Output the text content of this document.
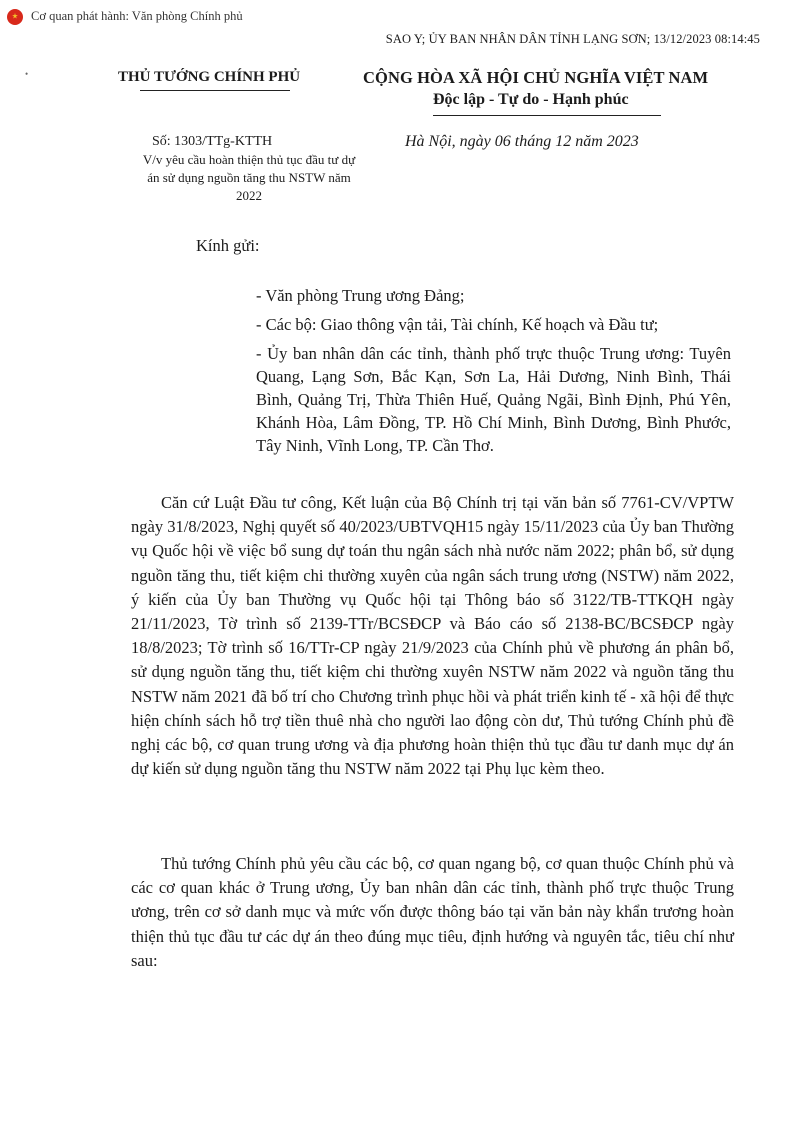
Cơ quan phát hành: Văn phòng Chính phủ
SAO Y; ỦY BAN NHÂN DÂN TỈNH LẠNG SƠN; 13/12/2023 08:14:45
•	THỦ TƯỚNG CHÍNH PHỦ	CỘNG HÒA XÃ HỘI CHỦ NGHĨA VIỆT NAM
Độc lập - Tự do - Hạnh phúc
Số: 1303/TTg-KTTH
V/v yêu cầu hoàn thiện thủ tục đầu tư dự án sử dụng nguồn tăng thu NSTW năm 2022
Hà Nội, ngày 06 tháng 12 năm 2023
Kính gửi:

- Văn phòng Trung ương Đảng;

- Các bộ: Giao thông vận tải, Tài chính, Kế hoạch và Đầu tư;

- Ủy ban nhân dân các tỉnh, thành phố trực thuộc Trung ương: Tuyên Quang, Lạng Sơn, Bắc Kạn, Sơn La, Hải Dương, Ninh Bình, Thái Bình, Quảng Trị, Thừa Thiên Huế, Quảng Ngãi, Bình Định, Phú Yên, Khánh Hòa, Lâm Đồng, TP. Hồ Chí Minh, Bình Dương, Bình Phước, Tây Ninh, Vĩnh Long, TP. Cần Thơ.

Căn cứ Luật Đầu tư công, Kết luận của Bộ Chính trị tại văn bản số 7761-CV/VPTW ngày 31/8/2023, Nghị quyết số 40/2023/UBTVQH15 ngày 15/11/2023 của Ủy ban Thường vụ Quốc hội về việc bổ sung dự toán thu ngân sách nhà nước năm 2022; phân bổ, sử dụng nguồn tăng thu, tiết kiệm chi thường xuyên của ngân sách trung ương (NSTW) năm 2022, ý kiến của Ủy ban Thường vụ Quốc hội tại Thông báo số 3122/TB-TTKQH ngày 21/11/2023, Tờ trình số 2139-TTr/BCSĐCP và Báo cáo số 2138-BC/BCSĐCP ngày 18/8/2023; Tờ trình số 16/TTr-CP ngày 21/9/2023 của Chính phủ về phương án phân bổ, sử dụng nguồn tăng thu, tiết kiệm chi thường xuyên NSTW năm 2022 và nguồn tăng thu NSTW năm 2021 đã bố trí cho Chương trình phục hồi và phát triển kinh tế - xã hội để thực hiện chính sách hỗ trợ tiền thuê nhà cho người lao động còn dư, Thủ tướng Chính phủ đề nghị các bộ, cơ quan trung ương và địa phương hoàn thiện thủ tục đầu tư danh mục dự án dự kiến sử dụng nguồn tăng thu NSTW năm 2022 tại Phụ lục kèm theo.

Thủ tướng Chính phủ yêu cầu các bộ, cơ quan ngang bộ, cơ quan thuộc Chính phủ và các cơ quan khác ở Trung ương, Ủy ban nhân dân các tỉnh, thành phố trực thuộc Trung ương, trên cơ sở danh mục và mức vốn được thông báo tại văn bản này khẩn trương hoàn thiện thủ tục đầu tư các dự án theo đúng mục tiêu, định hướng và nguyên tắc, tiêu chí như sau:
